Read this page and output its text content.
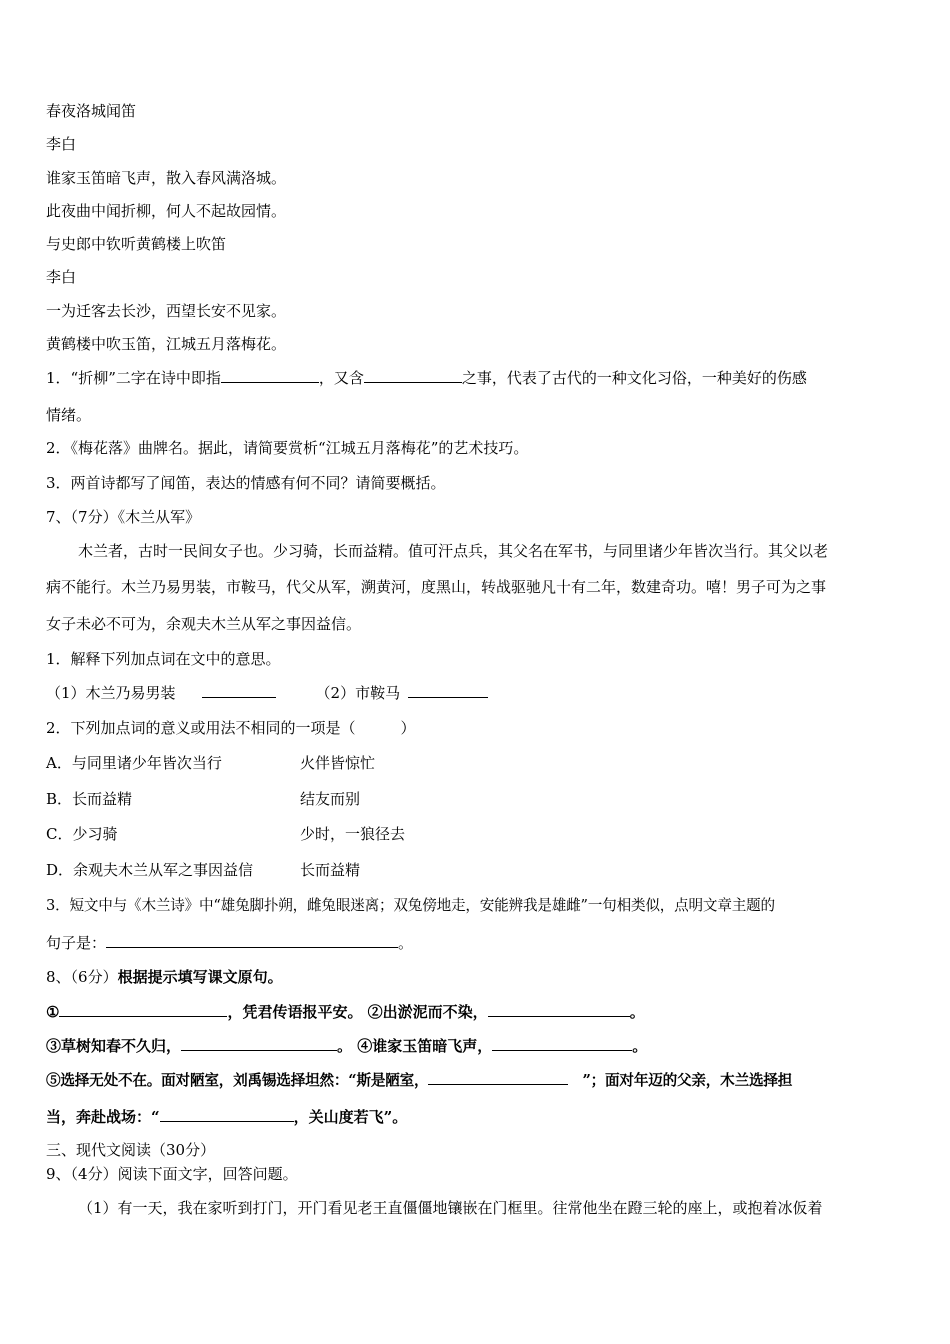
春夜洛城闻笛
李白
谁家玉笛暗飞声，散入春风满洛城。
此夜曲中闻折柳，何人不起故园情。
与史郎中钦听黄鹤楼上吹笛
李白
一为迁客去长沙，西望长安不见家。
黄鹤楼中吹玉笛，江城五月落梅花。
1．“折柳”二字在诗中即指	，又含	之事，代表了古代的一种文化习俗，一种美好的伤感
情绪。
2．《梅花落》曲牌名。据此，请简要赏析“江城五月落梅花”的艺术技巧。
3．两首诗都写了闻笛，表达的情感有何不同？请简要概括。
7、（7分）《木兰从军》
木兰者，古时一民间女子也。少习骑，长而益精。值可汗点兵，其父名在军书，与同里诸少年皆次当行。其父以老
病不能行。木兰乃易男装，市鞍马，代父从军，溯黄河，度黑山，转战驱驰凡十有二年，数建奇功。嘻！男子可为之事
女子未必不可为，余观夫木兰从军之事因益信。
1．解释下列加点词在文中的意思。
（1）木兰乃易男装	（2）市鞍马
2．下列加点词的意义或用法不相同的一项是（　　　）
A．与同里诸少年皆次当行	火伴皆惊忙
B．长而益精	结友而别
C．少习骑	少时，一狼径去
D．余观夫木兰从军之事因益信	长而益精
3．短文中与《木兰诗》中“雄兔脚扑朔，雌兔眼迷离；双兔傍地走，安能辨我是雄雌”一句相类似，点明文章主题的
句子是：	。
8、（6分）根据提示填写课文原句。
①	，凭君传语报平安。 ②出淤泥而不染，	。
③草树知春不久归，	。 ④谁家玉笛暗飞声，	。
⑤选择无处不在。面对陋室，刘禹锡选择坦然：“斯是陋室，	”；面对年迈的父亲，木兰选择担
当，奔赴战场：“	，关山度若飞”。
三、现代文阅读（30分）
9、（4分）阅读下面文字，回答问题。
（1）有一天，我在家听到打门，开门看见老王直僵僵地镶嵌在门框里。往常他坐在蹬三轮的座上，或抱着冰仮着
